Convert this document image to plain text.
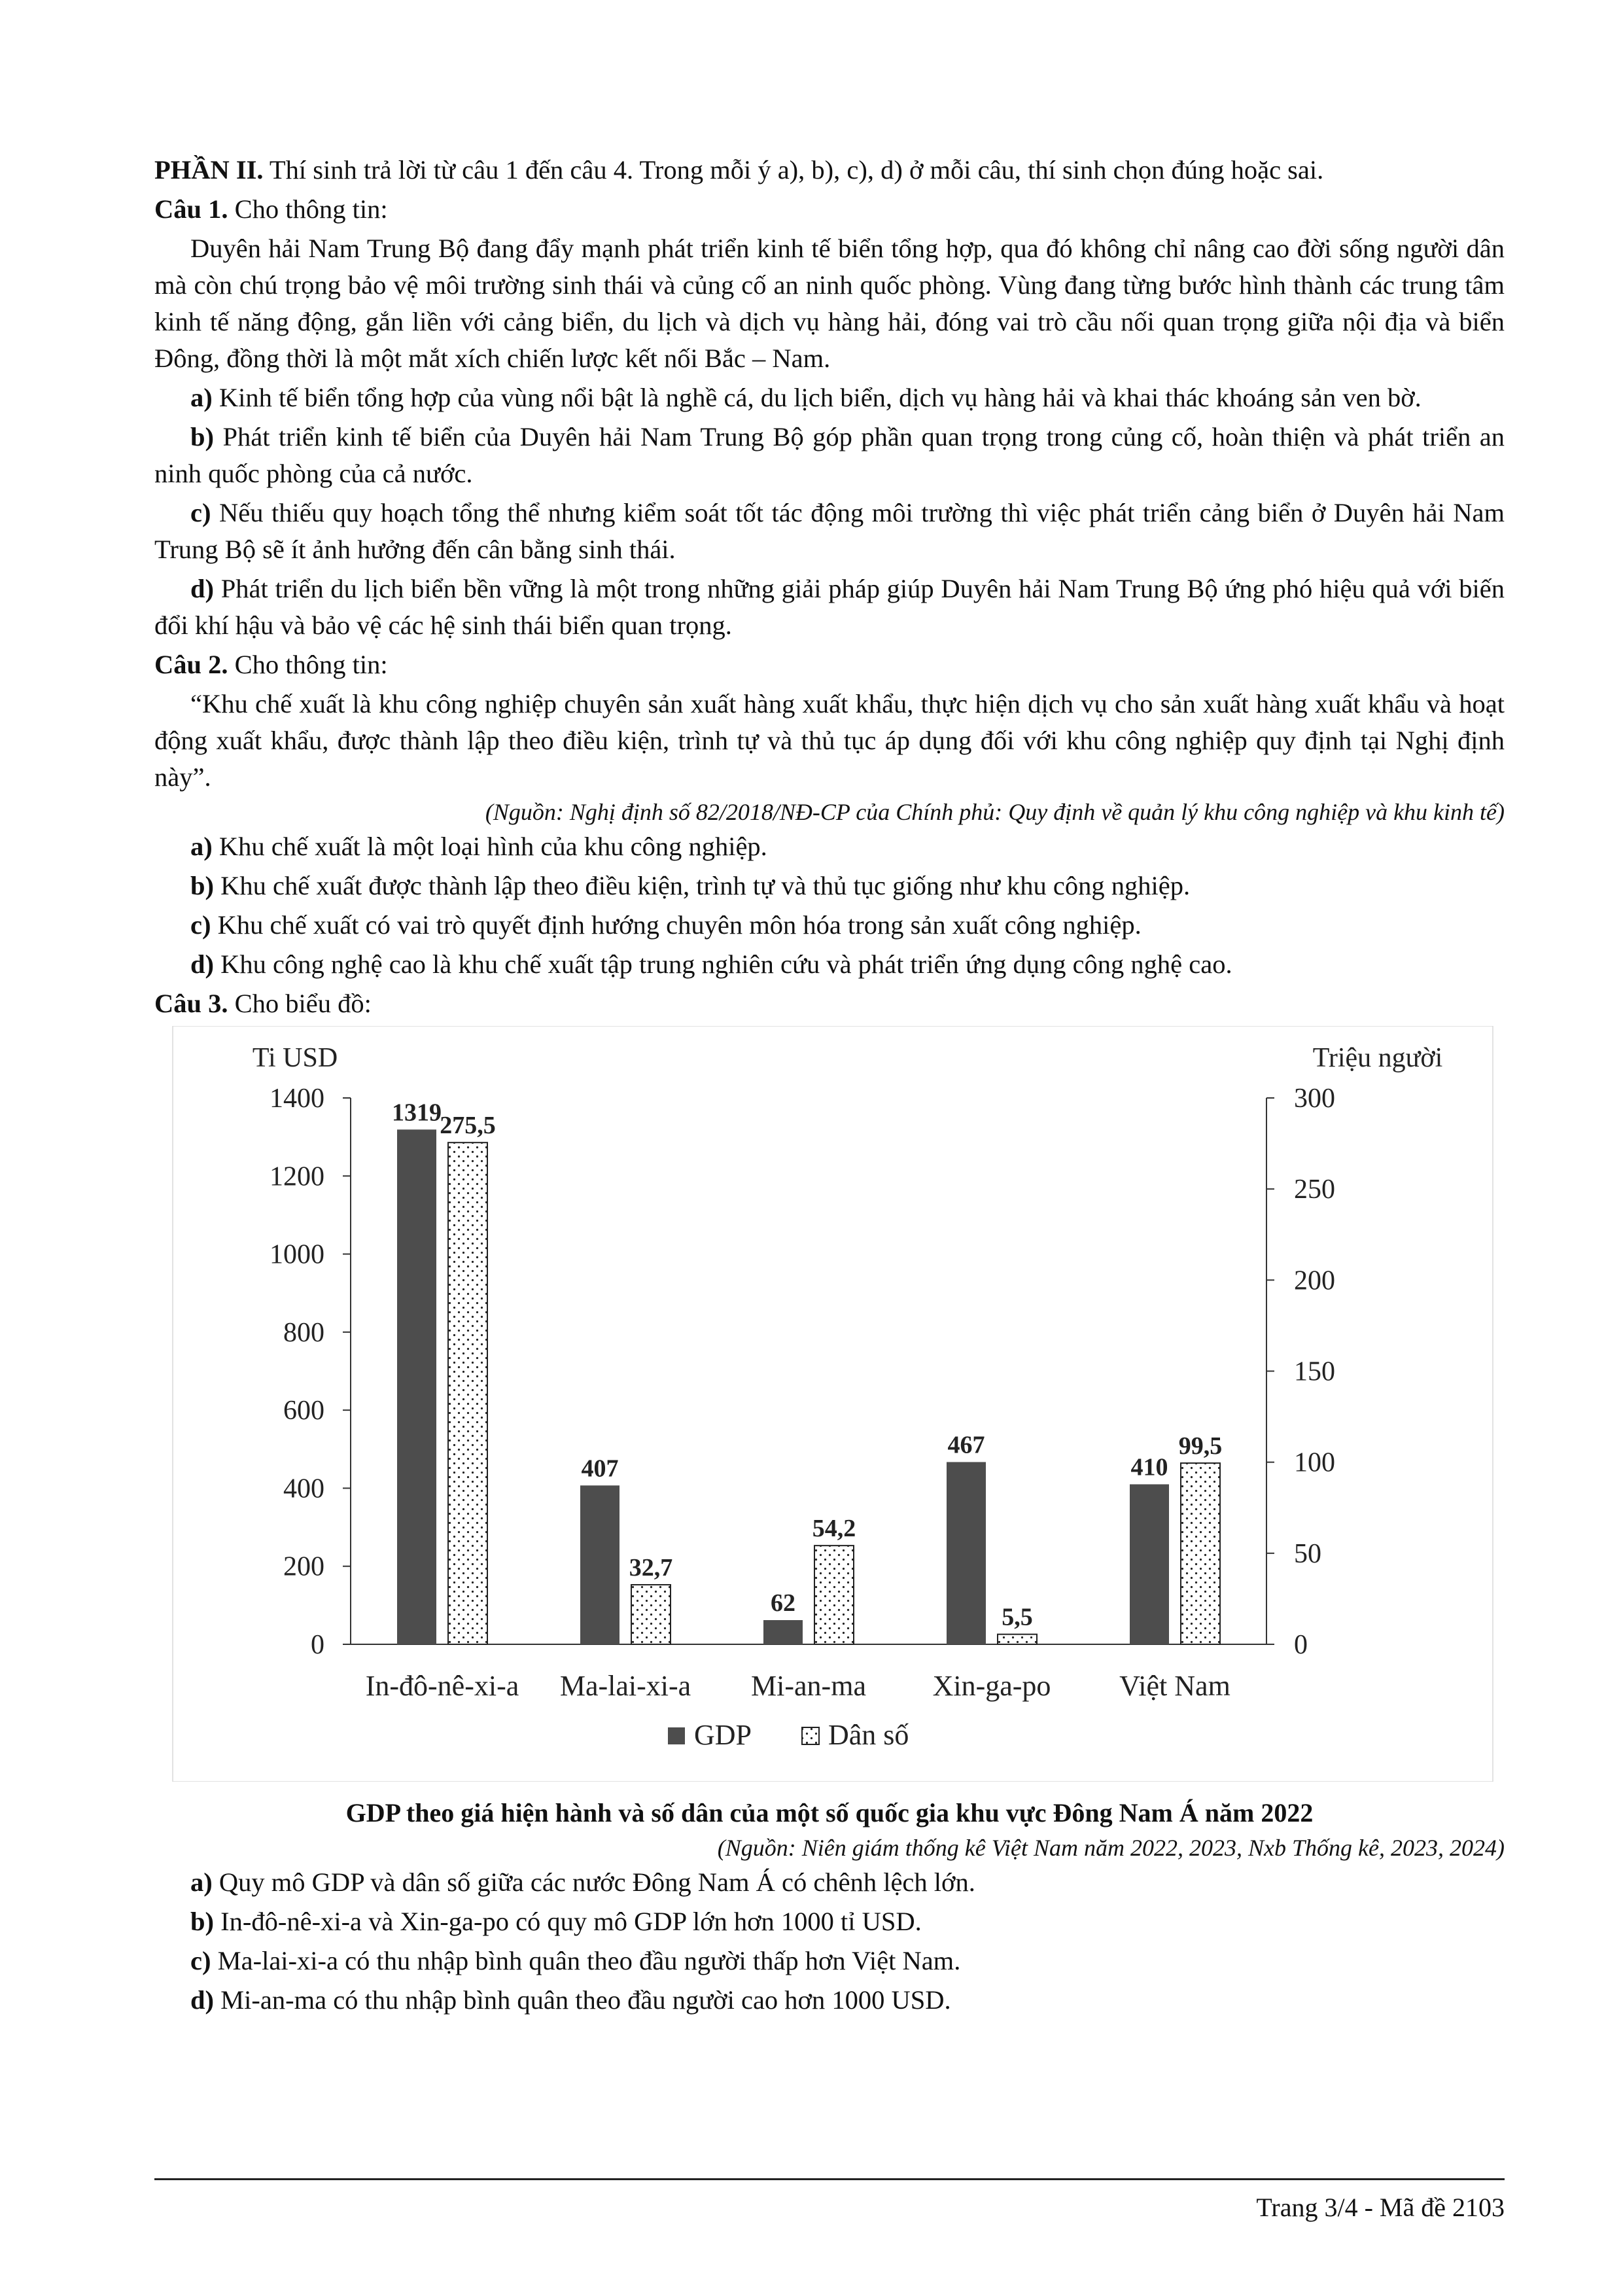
PHẦN II. Thí sinh trả lời từ câu 1 đến câu 4. Trong mỗi ý a), b), c), d) ở mỗi câu, thí sinh chọn đúng hoặc sai.

Câu 1. Cho thông tin:

Duyên hải Nam Trung Bộ đang đẩy mạnh phát triển kinh tế biển tổng hợp, qua đó không chỉ nâng cao đời sống người dân mà còn chú trọng bảo vệ môi trường sinh thái và củng cố an ninh quốc phòng. Vùng đang từng bước hình thành các trung tâm kinh tế năng động, gắn liền với cảng biển, du lịch và dịch vụ hàng hải, đóng vai trò cầu nối quan trọng giữa nội địa và biển Đông, đồng thời là một mắt xích chiến lược kết nối Bắc – Nam.

a) Kinh tế biển tổng hợp của vùng nổi bật là nghề cá, du lịch biển, dịch vụ hàng hải và khai thác khoáng sản ven bờ.

b) Phát triển kinh tế biển của Duyên hải Nam Trung Bộ góp phần quan trọng trong củng cố, hoàn thiện và phát triển an ninh quốc phòng của cả nước.

c) Nếu thiếu quy hoạch tổng thể nhưng kiểm soát tốt tác động môi trường thì việc phát triển cảng biển ở Duyên hải Nam Trung Bộ sẽ ít ảnh hưởng đến cân bằng sinh thái.

d) Phát triển du lịch biển bền vững là một trong những giải pháp giúp Duyên hải Nam Trung Bộ ứng phó hiệu quả với biến đổi khí hậu và bảo vệ các hệ sinh thái biển quan trọng.

Câu 2. Cho thông tin:

“Khu chế xuất là khu công nghiệp chuyên sản xuất hàng xuất khẩu, thực hiện dịch vụ cho sản xuất hàng xuất khẩu và hoạt động xuất khẩu, được thành lập theo điều kiện, trình tự và thủ tục áp dụng đối với khu công nghiệp quy định tại Nghị định này”.

(Nguồn: Nghị định số 82/2018/NĐ-CP của Chính phủ: Quy định về quản lý khu công nghiệp và khu kinh tế)

a) Khu chế xuất là một loại hình của khu công nghiệp.

b) Khu chế xuất được thành lập theo điều kiện, trình tự và thủ tục giống như khu công nghiệp.

c) Khu chế xuất có vai trò quyết định hướng chuyên môn hóa trong sản xuất công nghiệp.

d) Khu công nghệ cao là khu chế xuất tập trung nghiên cứu và phát triển ứng dụng công nghệ cao.

Câu 3. Cho biểu đồ:

0
200
400
600
800
1000
1200
1400
0
50
100
150
200
250
300
Ti USD	Triệu người
1319
275,5
In-đô-nê-xi-a
407
32,7
Ma-lai-xi-a
62
54,2
Mi-an-ma
467
5,5
Xin-ga-po
410
99,5
Việt Nam
GDP	Dân số

GDP theo giá hiện hành và số dân của một số quốc gia khu vực Đông Nam Á năm 2022

(Nguồn: Niên giám thống kê Việt Nam năm 2022, 2023, Nxb Thống kê, 2023, 2024)

a) Quy mô GDP và dân số giữa các nước Đông Nam Á có chênh lệch lớn.

b) In-đô-nê-xi-a và Xin-ga-po có quy mô GDP lớn hơn 1000 tỉ USD.

c) Ma-lai-xi-a có thu nhập bình quân theo đầu người thấp hơn Việt Nam.

d) Mi-an-ma có thu nhập bình quân theo đầu người cao hơn 1000 USD.

Trang 3/4 - Mã đề 2103
